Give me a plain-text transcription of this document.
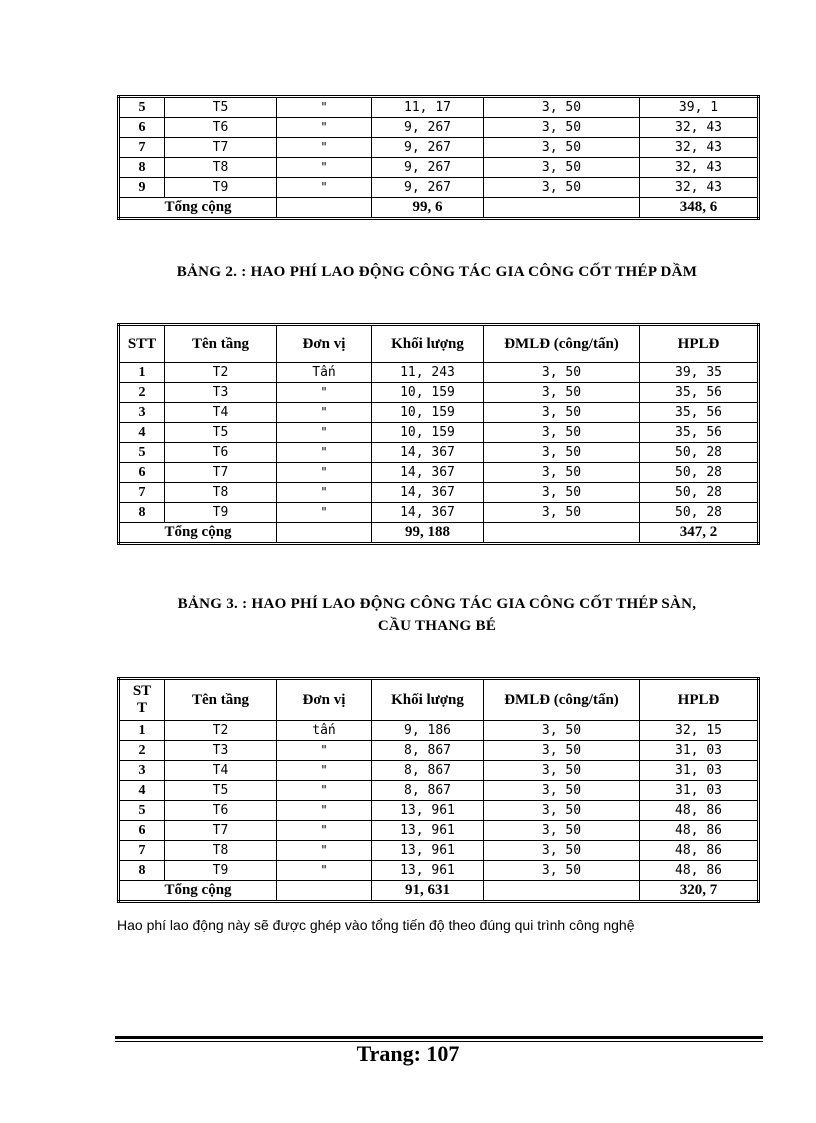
5	T5	"	11, 17	3, 50	39, 1
6	T6	"	9, 267	3, 50	32, 43
7	T7	"	9, 267	3, 50	32, 43
8	T8	"	9, 267	3, 50	32, 43
9	T9	"	9, 267	3, 50	32, 43
Tổng cộng			99, 6		348, 6
BẢNG 2. : HAO PHÍ LAO ĐỘNG CÔNG TÁC GIA CÔNG CỐT THÉP DẦM
STT	Tên tầng	Đơn vị	Khối lượng	ĐMLĐ (công/tấn)	HPLĐ
1	T2	Tấn	11, 243	3, 50	39, 35
2	T3	"	10, 159	3, 50	35, 56
3	T4	"	10, 159	3, 50	35, 56
4	T5	"	10, 159	3, 50	35, 56
5	T6	"	14, 367	3, 50	50, 28
6	T7	"	14, 367	3, 50	50, 28
7	T8	"	14, 367	3, 50	50, 28
8	T9	"	14, 367	3, 50	50, 28
Tổng cộng			99, 188		347, 2
BẢNG 3. : HAO PHÍ LAO ĐỘNG CÔNG TÁC GIA CÔNG CỐT THÉP SÀN,
CẦU THANG BÉ
ST
T	Tên tầng	Đơn vị	Khối lượng	ĐMLĐ (công/tấn)	HPLĐ
1	T2	tấn	9, 186	3, 50	32, 15
2	T3	"	8, 867	3, 50	31, 03
3	T4	"	8, 867	3, 50	31, 03
4	T5	"	8, 867	3, 50	31, 03
5	T6	"	13, 961	3, 50	48, 86
6	T7	"	13, 961	3, 50	48, 86
7	T8	"	13, 961	3, 50	48, 86
8	T9	"	13, 961	3, 50	48, 86
Tổng cộng			91, 631		320, 7
Hao phí lao động này sẽ được ghép vào tổng tiến độ theo đúng qui trình công nghệ
Trang: 107
